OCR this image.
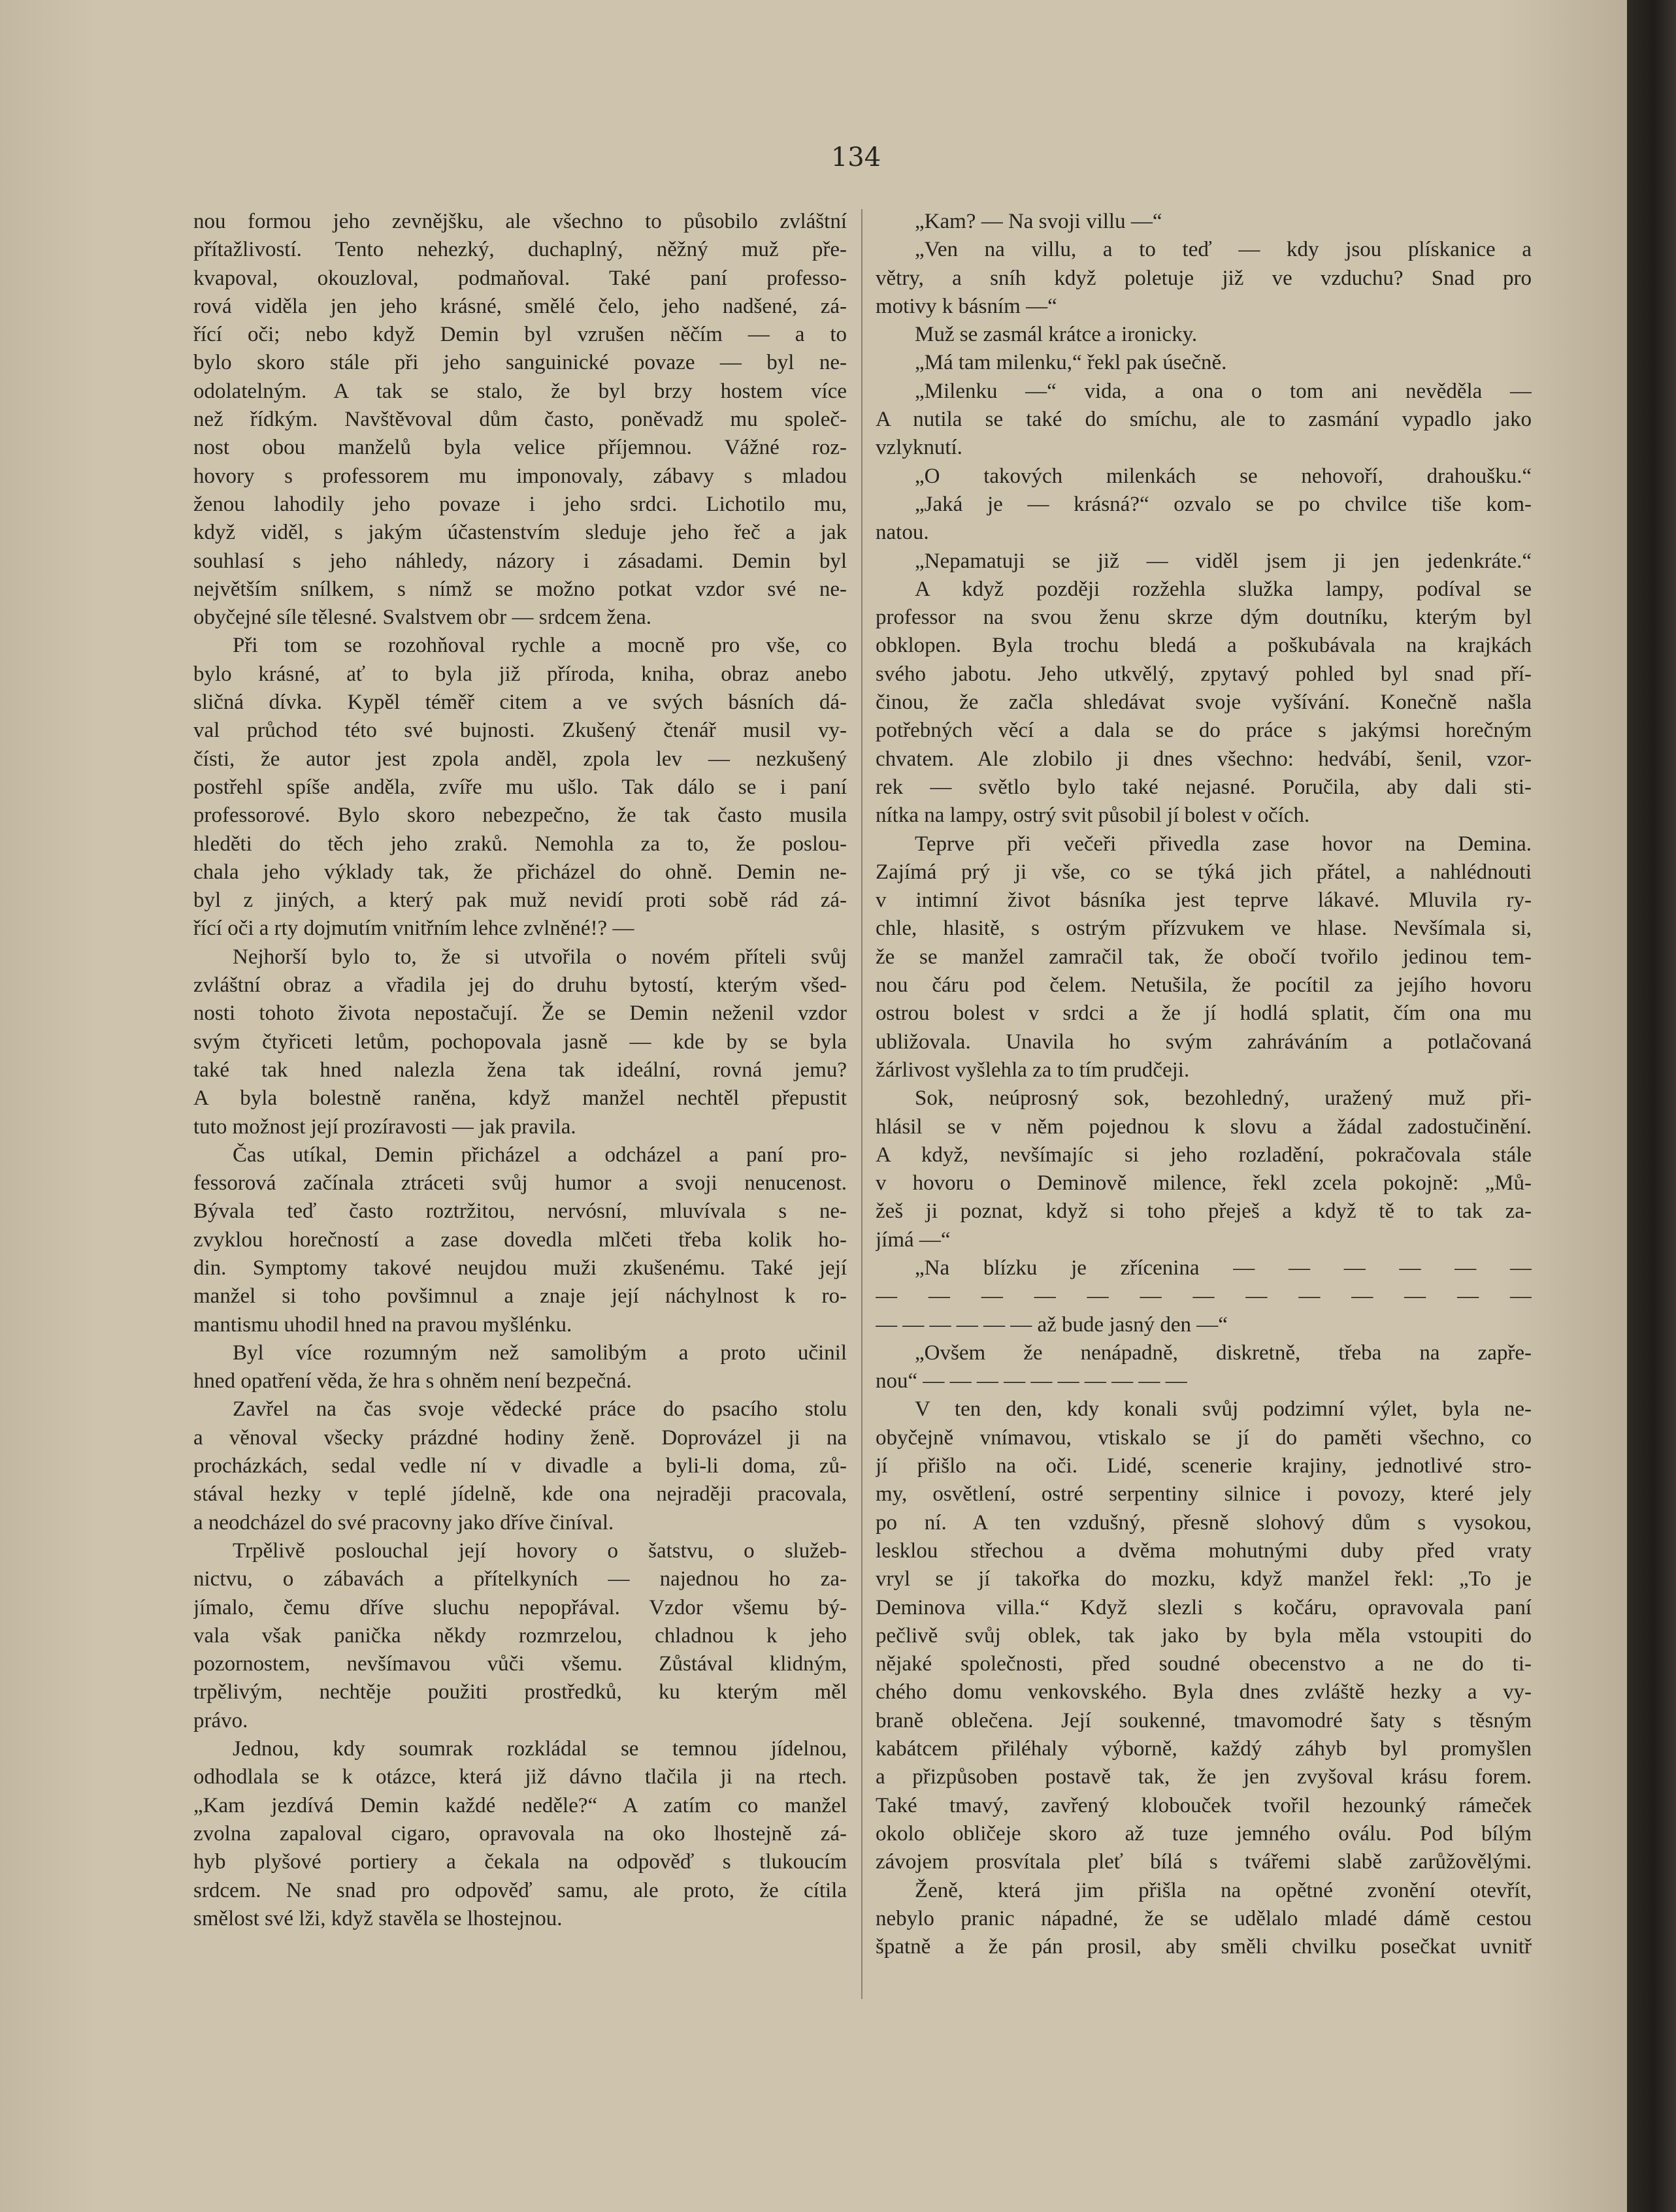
134
nou formou jeho zevnějšku, ale všechno to působilo zvláštní
přítažlivostí. Tento nehezký, duchaplný, něžný muž pře-
kvapoval, okouzloval, podmaňoval. Také paní professo-
rová viděla jen jeho krásné, smělé čelo, jeho nadšené, zá-
řící oči; nebo když Demin byl vzrušen něčím — a to
bylo skoro stále při jeho sanguinické povaze — byl ne-
odolatelným. A tak se stalo, že byl brzy hostem více
než řídkým. Navštěvoval dům často, poněvadž mu společ-
nost obou manželů byla velice příjemnou. Vážné roz-
hovory s professorem mu imponovaly, zábavy s mladou
ženou lahodily jeho povaze i jeho srdci. Lichotilo mu,
když viděl, s jakým účastenstvím sleduje jeho řeč a jak
souhlasí s jeho náhledy, názory i zásadami. Demin byl
největším snílkem, s nímž se možno potkat vzdor své ne-
obyčejné síle tělesné. Svalstvem obr — srdcem žena.
Při tom se rozohňoval rychle a mocně pro vše, co
bylo krásné, ať to byla již příroda, kniha, obraz anebo
sličná dívka. Kypěl téměř citem a ve svých básních dá-
val průchod této své bujnosti. Zkušený čtenář musil vy-
čísti, že autor jest zpola anděl, zpola lev — nezkušený
postřehl spíše anděla, zvíře mu ušlo. Tak dálo se i paní
professorové. Bylo skoro nebezpečno, že tak často musila
hleděti do těch jeho zraků. Nemohla za to, že poslou-
chala jeho výklady tak, že přicházel do ohně. Demin ne-
byl z jiných, a který pak muž nevidí proti sobě rád zá-
řící oči a rty dojmutím vnitřním lehce zvlněné!? —
Nejhorší bylo to, že si utvořila o novém příteli svůj
zvláštní obraz a vřadila jej do druhu bytostí, kterým všed-
nosti tohoto života nepostačují. Že se Demin neženil vzdor
svým čtyřiceti letům, pochopovala jasně — kde by se byla
také tak hned nalezla žena tak ideální, rovná jemu?
A byla bolestně raněna, když manžel nechtěl přepustit
tuto možnost její prozíravosti — jak pravila.
Čas utíkal, Demin přicházel a odcházel a paní pro-
fessorová začínala ztráceti svůj humor a svoji nenucenost.
Bývala teď často roztržitou, nervósní, mluvívala s ne-
zvyklou horečností a zase dovedla mlčeti třeba kolik ho-
din. Symptomy takové neujdou muži zkušenému. Také její
manžel si toho povšimnul a znaje její náchylnost k ro-
mantismu uhodil hned na pravou myšlénku.
Byl více rozumným než samolibým a proto učinil
hned opatření věda, že hra s ohněm není bezpečná.
Zavřel na čas svoje vědecké práce do psacího stolu
a věnoval všecky prázdné hodiny ženě. Doprovázel ji na
procházkách, sedal vedle ní v divadle a byli-li doma, zů-
stával hezky v teplé jídelně, kde ona nejraději pracovala,
a neodcházel do své pracovny jako dříve činíval.
Trpělivě poslouchal její hovory o šatstvu, o služeb-
nictvu, o zábavách a přítelkyních — najednou ho za-
jímalo, čemu dříve sluchu nepopřával. Vzdor všemu bý-
vala však panička někdy rozmrzelou, chladnou k jeho
pozornostem, nevšímavou vůči všemu. Zůstával klidným,
trpělivým, nechtěje použiti prostředků, ku kterým měl
právo.
Jednou, kdy soumrak rozkládal se temnou jídelnou,
odhodlala se k otázce, která již dávno tlačila ji na rtech.
„Kam jezdívá Demin každé neděle?“ A zatím co manžel
zvolna zapaloval cigaro, opravovala na oko lhostejně zá-
hyb plyšové portiery a čekala na odpověď s tlukoucím
srdcem. Ne snad pro odpověď samu, ale proto, že cítila
smělost své lži, když stavěla se lhostejnou.
„Kam? — Na svoji villu —“
„Ven na villu, a to teď — kdy jsou plískanice a
větry, a sníh když poletuje již ve vzduchu? Snad pro
motivy k básním —“
Muž se zasmál krátce a ironicky.
„Má tam milenku,“ řekl pak úsečně.
„Milenku —“ vida, a ona o tom ani nevěděla —
A nutila se také do smíchu, ale to zasmání vypadlo jako
vzlyknutí.
„O takových milenkách se nehovoří, drahoušku.“
„Jaká je — krásná?“ ozvalo se po chvilce tiše kom-
natou.
„Nepamatuji se již — viděl jsem ji jen jedenkráte.“
A když později rozžehla služka lampy, podíval se
professor na svou ženu skrze dým doutníku, kterým byl
obklopen. Byla trochu bledá a poškubávala na krajkách
svého jabotu. Jeho utkvělý, zpytavý pohled byl snad pří-
činou, že začla shledávat svoje vyšívání. Konečně našla
potřebných věcí a dala se do práce s jakýmsi horečným
chvatem. Ale zlobilo ji dnes všechno: hedvábí, šenil, vzor-
rek — světlo bylo také nejasné. Poručila, aby dali sti-
nítka na lampy, ostrý svit působil jí bolest v očích.
Teprve při večeři přivedla zase hovor na Demina.
Zajímá prý ji vše, co se týká jich přátel, a nahlédnouti
v intimní život básníka jest teprve lákavé. Mluvila ry-
chle, hlasitě, s ostrým přízvukem ve hlase. Nevšímala si,
že se manžel zamračil tak, že obočí tvořilo jedinou tem-
nou čáru pod čelem. Netušila, že pocítil za jejího hovoru
ostrou bolest v srdci a že jí hodlá splatit, čím ona mu
ubližovala. Unavila ho svým zahráváním a potlačovaná
žárlivost vyšlehla za to tím prudčeji.
Sok, neúprosný sok, bezohledný, uražený muž při-
hlásil se v něm pojednou k slovu a žádal zadostučinění.
A když, nevšímajíc si jeho rozladění, pokračovala stále
v hovoru o Deminově milence, řekl zcela pokojně: „Mů-
žeš ji poznat, když si toho přeješ a když tě to tak za-
jímá —“
„Na blízku je zřícenina — — — — — —
— — — — — — — — — — — — —
— — — — — — až bude jasný den —“
„Ovšem že nenápadně, diskretně, třeba na zapře-
nou“ — — — — — — — — — —
V ten den, kdy konali svůj podzimní výlet, byla ne-
obyčejně vnímavou, vtiskalo se jí do paměti všechno, co
jí přišlo na oči. Lidé, scenerie krajiny, jednotlivé stro-
my, osvětlení, ostré serpentiny silnice i povozy, které jely
po ní. A ten vzdušný, přesně slohový dům s vysokou,
lesklou střechou a dvěma mohutnými duby před vraty
vryl se jí takořka do mozku, když manžel řekl: „To je
Deminova villa.“ Když slezli s kočáru, opravovala paní
pečlivě svůj oblek, tak jako by byla měla vstoupiti do
nějaké společnosti, před soudné obecenstvo a ne do ti-
chého domu venkovského. Byla dnes zvláště hezky a vy-
braně oblečena. Její soukenné, tmavomodré šaty s těsným
kabátcem přiléhaly výborně, každý záhyb byl promyšlen
a přizpůsoben postavě tak, že jen zvyšoval krásu forem.
Také tmavý, zavřený klobouček tvořil hezounký rámeček
okolo obličeje skoro až tuze jemného oválu. Pod bílým
závojem prosvítala pleť bílá s tvářemi slabě zarůžovělými.
Ženě, která jim přišla na opětné zvonění otevřít,
nebylo pranic nápadné, že se udělalo mladé dámě cestou
špatně a že pán prosil, aby směli chvilku posečkat uvnitř
